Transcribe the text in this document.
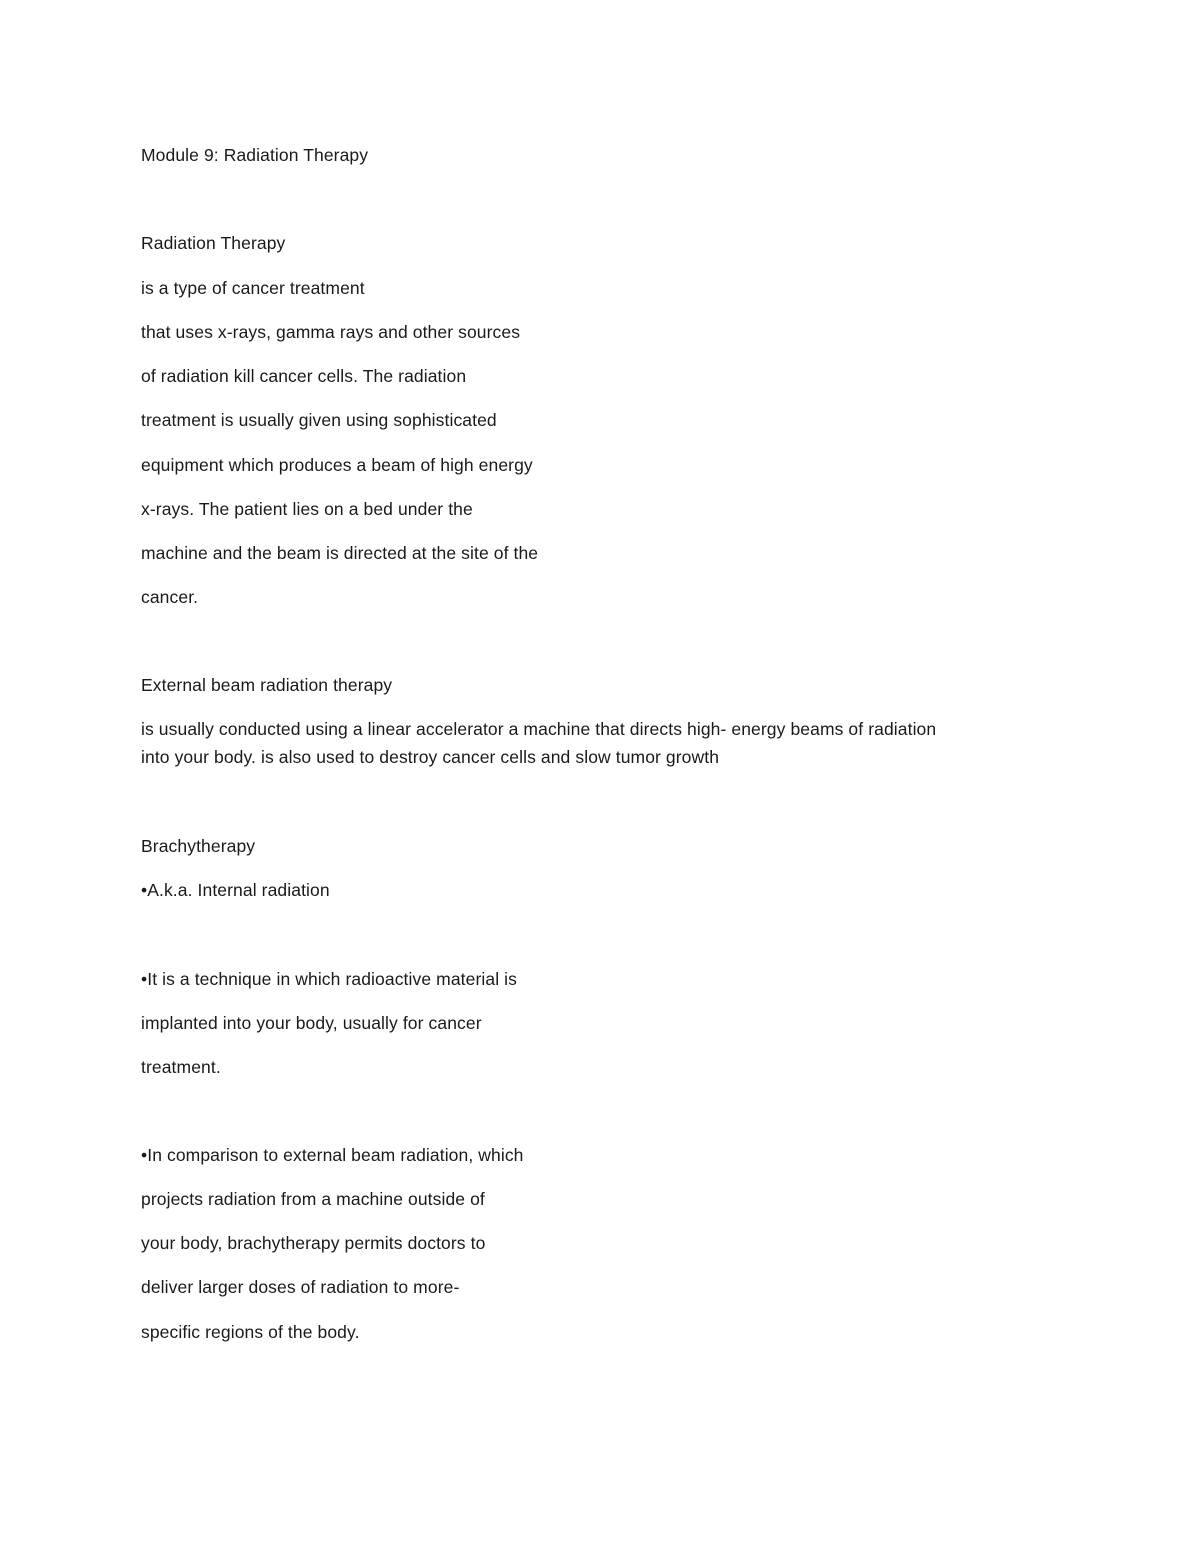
Module 9: Radiation Therapy
Radiation Therapy
is a type of cancer treatment
that uses x-rays, gamma rays and other sources
of radiation kill cancer cells. The radiation
treatment is usually given using sophisticated
equipment which produces a beam of high energy
x-rays. The patient lies on a bed under the
machine and the beam is directed at the site of the
cancer.
External beam radiation therapy
is usually conducted using a linear accelerator a machine that directs high- energy beams of radiation
into your body. is also used to destroy cancer cells and slow tumor growth
Brachytherapy
•A.k.a. Internal radiation
•It is a technique in which radioactive material is
implanted into your body, usually for cancer
treatment.
•In comparison to external beam radiation, which
projects radiation from a machine outside of
your body, brachytherapy permits doctors to
deliver larger doses of radiation to more-
specific regions of the body.
